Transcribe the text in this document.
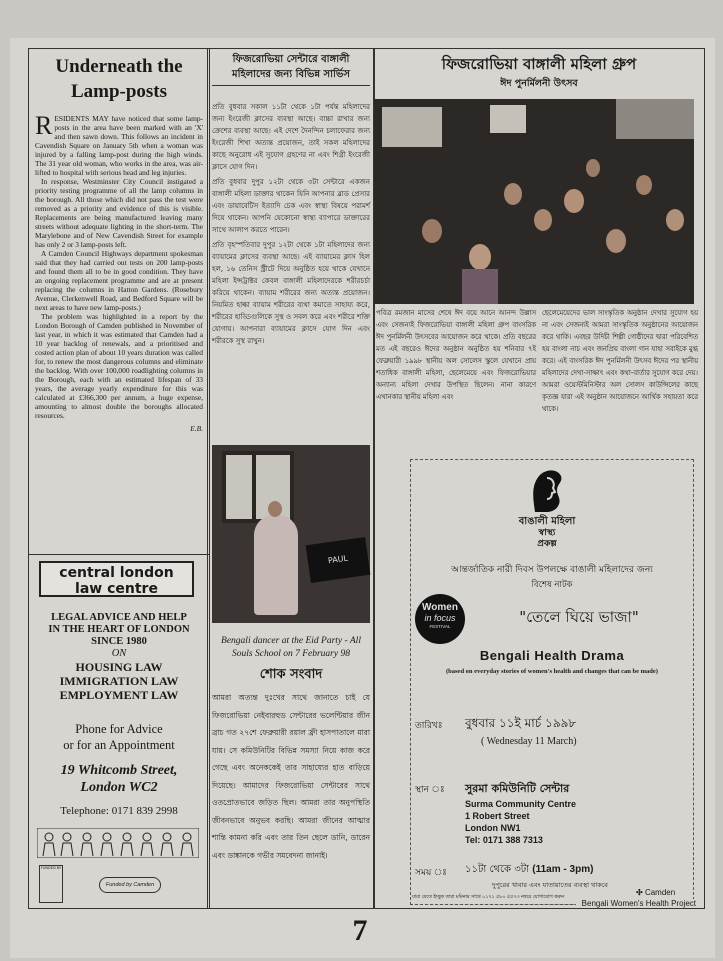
Underneath the Lamp-posts
R ESIDENTS MAY have noticed that some lamp-posts in the area have been marked with an 'X' and then sawn down. This follows an incident in Cavendish Square on January 5th when a woman was injured by a falling lamp-post during the high winds. The 31 year old woman, who works in the area, was air-lifted to hospital with serious head and leg injuries.

In response, Westminster City Council instigated a priority testing programme of all the lamp columns in the borough. All those which did not pass the test were removed as a priority and evidence of this is visible. Replacements are being manufactured leaving many streets without adequate lighting in the short-term. The Marylebone and of New Cavendish Street for example has only 2 or 3 lamp-posts left.

A Camden Council Highways department spokesman said that they had carried out tests on 200 lamp-posts and found them all to be in good condition. They have an ongoing replacement programme and are at present replacing the columns in Hatton Gardens. (Rosebury Avenue, Clerkenwell Road, and Bedford Square will be next areas to have new lamp-posts.)

The problem was highlighted in a report by the London Borough of Camden published in November of last year, in which it was estimated that Camden had a 10 year backlog of renewals, and a prioritised and costed action plan of about 10 years duration was called for, to renew the most dangerous columns and eliminate the backlog. With over 100,000 roadlighting columns in the Borough, each with an estimated lifespan of 33 years, the average yearly expenditure for this was calculated at £366,300 per annum, a huge expense, amounting to almost double the boroughs allocated resources.

E.B.

central london
law centre
LEGAL ADVICE AND HELP
IN THE HEART OF LONDON
SINCE 1980
ON
HOUSING LAW
IMMIGRATION LAW
EMPLOYMENT LAW
Phone for Advice
or for an Appointment
19 Whitcomb Street,
London WC2
Telephone: 0171 839 2998
FUNDED BY
Funded by Camden
ফিজরোভিয়া সেন্টারে বাঙ্গালী মহিলাদের জন্য বিভিন্ন সার্ভিস

প্রতি বুধবার সকাল ১১টা থেকে ১টা পর্যন্ত মহিলাদের জন্য ইংরেজী ক্লাসের ব্যবস্থা আছে। বাচ্চা রাখার জন্য ক্রেশের ব্যবস্থা আছে। এই দেশে দৈনন্দিন চলাফেরার জন্য ইংরেজী শিখা অত্যন্ত প্রয়োজন, তাই সকল মহিলাদের কাছে অনুরোধ এই সুযোগ গ্রহণের না এবং শিগ্রী ইংরেজী ক্লাসে যোগ দিন।

প্রতি বুধবার দুপুর ১২টা থেকে ৩টা সেন্টারে একজন বাঙ্গালী মহিলা ডাক্তার থাকেন যিনি আপনার ব্লাড প্রেসার এবং ডায়াবেটিস ইত্যাদি চেক এবং স্বাস্থ্য বিষয়ে পরামর্শ দিয়ে থাকেন। আপনি যেকোনো স্বাস্থ্য ব্যাপারে ডাক্তারের সাথে আলাপ করতে পারেন।

প্রতি বৃহস্পতিবার দুপুর ১২টা থেকে ১টা মহিলাদের জন্য ব্যায়ামের ক্লাসের ব্যবস্থা আছে। এই ব্যায়ামের ক্লাস হিল হল, ১৬ তেনিস স্ট্রীটে দিয়ে অনুষ্ঠিত হয়ে থাকে যেখানে মহিলা ইন্সট্রাক্টর কেবল বাঙ্গালী মহিলাদেরকে শরীরচর্চা করিয়ে থাকেন। ব্যায়াম শরীরের জন্য অত্যন্ত প্রয়োজন। নিয়মিত হাল্কা ব্যায়াম শরীরের ব্যথা কমাতে সাহায্য করে, শরীরের হাড্ডিগুলিকে সুস্থ ও সবল করে এবং শরীরে শক্তি যোগায়। আপনারা ব্যায়ামের ক্লাসে যোগ দিন এবং শরীরকে সুস্থ রাখুন।

PAUL
Bengali dancer at the Eid Party - All Souls School on 7 February 98
শোক সংবাদ
আমরা অত্যন্ত দুঃখের সাথে জানাতে চাই যে ফিজরোভিয়া নেইবারহুড সেন্টারের ভলেন্টিয়ার জীন ব্রাচ গত ২৭শে ফেব্রুয়ারী রয়াল ফ্রী হাসপাতালে মারা যায়। সে কমিউনিটির বিভিন্ন সমস্যা নিয়ে কাজ করে গেছে এবং অনেককেই তার সাহায্যের হাত বাড়িয়ে দিয়েছে। আমাদের ফিজরোভিয়া সেন্টারের সাথে ওতপ্রোতভাবে জড়িত ছিল। আমরা তার অনুপস্থিতি জীবনভাবে অনুভব করছি। আমরা জীনের আত্মার শান্তি কামনা করি এবং তার তিন ছেলে ডানি, ডারেন এবং ডাঙ্কানকে গভীর সমবেদনা জানাই।
ফিজরোভিয়া বাঙ্গালী মহিলা গ্রুপ
ঈদ পুনর্মিলনী উৎসব
পবিত্র রমজান মাসের শেষে ঈদ বয়ে আনে আনন্দ উল্লাস এবং সেজন্যই ফিজরোভিয়া বাঙ্গালী মহিলা গ্রুপ বাংসরিক ঈদ পুনর্মিলনী উৎসবের আয়োজন করে থাকে। প্রতি বছরের মত এই বছরেও ঈদের অনুষ্ঠান অনুষ্ঠিত হয় শনিবার ৭ই ফেব্রুয়ারী ১৯৯৮ স্থানীয় অল সোলেস স্কুলে যেখানে প্রায় শতাধিক বাঙ্গালী মহিলা, ছেলেমেয়ে এবং ফিজরোভিয়ার অন্যান্য মহিলা দেখার উপস্থিত ছিলেন। নানা কারণে এখানকার স্থানীয় মহিলা এবং
ছেলেমেয়েদের ভাল সাংস্কৃতিক অনুষ্ঠান দেখার সুযোগ হয় না এবং সেজন্যই আমরা সাংস্কৃতিক অনুষ্ঠানের আয়োজন করে থাকি। এবছর উদিচী শিল্পী গোষ্ঠীদের দ্বারা পরিবেশিত হয় বাংলা নাচ এবং জনপ্রিয় বাংলা গান যাহা সবাইকে মুগ্ধ করে। এই বাংসরিক ঈদ পুনর্মিলনী উৎসব ঈদের পর স্থানীয় মহিলাদের দেখা-সাক্ষাৎ এবং কথা-বার্তার সুযোগ করে দেয়। আমরা ওয়েস্টমিনিস্টার অল সোলস কাউন্সিলের কাছে কৃতজ্ঞ যারা এই অনুষ্ঠান আয়োজনে আর্থিক সহায়তা করে থাকে।
বাঙালী মহিলা
স্বাস্থ্য
প্রকল্প
আন্তর্জাতিক নারী দিবস উপলক্ষে বাঙালী মহিলাদের জন্য
বিশেষ নাটক
Women
in focus
FESTIVAL
"তেলে ঘিয়ে ভাজা"
Bengali Health Drama
(based on everyday stories of women's health and changes that can be made)
তারিখঃ বুধবার ১১ই মার্চ ১৯৯৮
( Wednesday 11 March)
স্থান ঃ সুরমা কমিউনিটি সেন্টার
Surma Community Centre
1 Robert Street
London NW1
Tel: 0171 388 7313
সময় ঃ ১১টা থেকে ৩টা (11am - 3pm)
দুপুরের খাবার এবং যাতায়াতের ব্যবস্থা থাকবে
যারা যেতে ইচ্ছুক তারা মমিনার সাথে ০১৭১ ৫৮০ ৫৫৭৩ নম্বরে যোগাযোগ করুন
✣ Camden
Bengali Women's Health Project
7
